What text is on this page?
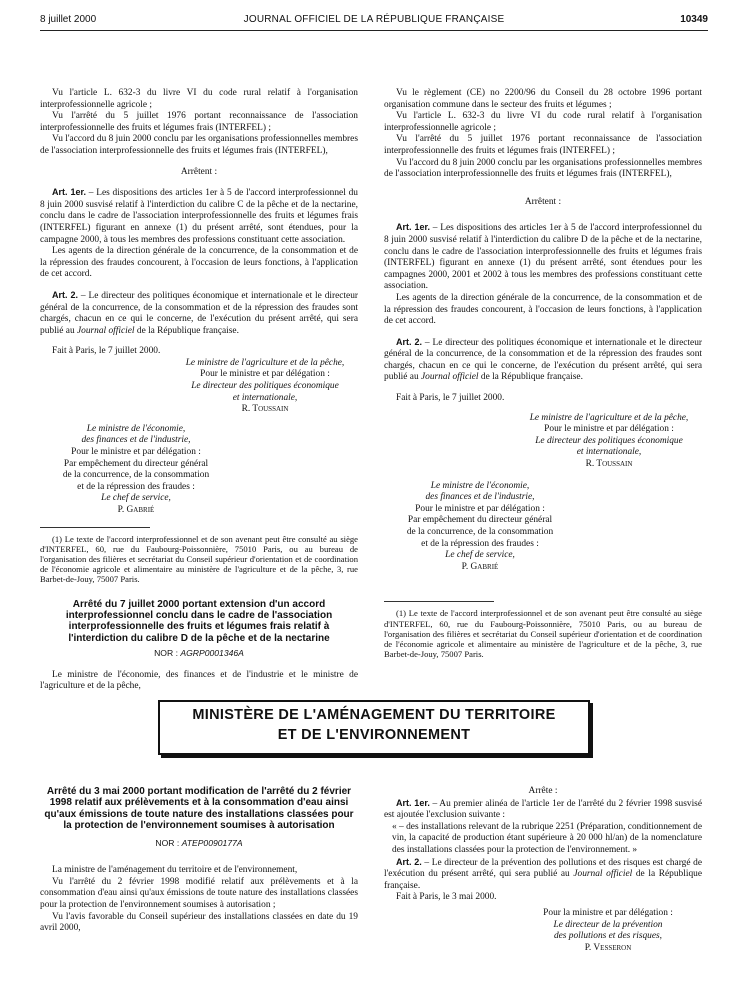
8 juillet 2000	JOURNAL OFFICIEL DE LA RÉPUBLIQUE FRANÇAISE	10349

Vu l'article L. 632-3 du livre VI du code rural relatif à l'organisation interprofessionnelle agricole ;

Vu l'arrêté du 5 juillet 1976 portant reconnaissance de l'association interprofessionnelle des fruits et légumes frais (INTERFEL) ;

Vu l'accord du 8 juin 2000 conclu par les organisations professionnelles membres de l'association interprofessionnelle des fruits et légumes frais (INTERFEL),

Arrêtent :

Art. 1er. – Les dispositions des articles 1er à 5 de l'accord interprofessionnel du 8 juin 2000 susvisé relatif à l'interdiction du calibre C de la pêche et de la nectarine, conclu dans le cadre de l'association interprofessionnelle des fruits et légumes frais (INTERFEL) figurant en annexe (1) du présent arrêté, sont étendues, pour la campagne 2000, à tous les membres des professions constituant cette association.

Les agents de la direction générale de la concurrence, de la consommation et de la répression des fraudes concourent, à l'occasion de leurs fonctions, à l'application de cet accord.

Art. 2. – Le directeur des politiques économique et internationale et le directeur général de la concurrence, de la consommation et de la répression des fraudes sont chargés, chacun en ce qui le concerne, de l'exécution du présent arrêté, qui sera publié au Journal officiel de la République française.

Fait à Paris, le 7 juillet 2000.

Le ministre de l'agriculture et de la pêche,

Pour le ministre et par délégation :

Le directeur des politiques économique

et internationale,

R. Toussain

Le ministre de l'économie,

des finances et de l'industrie,

Pour le ministre et par délégation :

Par empêchement du directeur général

de la concurrence, de la consommation

et de la répression des fraudes :

Le chef de service,

P. Gabrié

(1) Le texte de l'accord interprofessionnel et de son avenant peut être consulté au siège d'INTERFEL, 60, rue du Faubourg-Poissonnière, 75010 Paris, ou au bureau de l'organisation des filières et secrétariat du Conseil supérieur d'orientation et de coordination de l'économie agricole et alimentaire au ministère de l'agriculture et de la pêche, 3, rue Barbet-de-Jouy, 75007 Paris.

Arrêté du 7 juillet 2000 portant extension d'un accord interprofessionnel conclu dans le cadre de l'association interprofessionnelle des fruits et légumes frais relatif à l'interdiction du calibre D de la pêche et de la nectarine
NOR : AGRP0001346A

Le ministre de l'économie, des finances et de l'industrie et le ministre de l'agriculture et de la pêche,

Vu le règlement (CE) no 2200/96 du Conseil du 28 octobre 1996 portant organisation commune dans le secteur des fruits et légumes ;

Vu l'article L. 632-3 du livre VI du code rural relatif à l'organisation interprofessionnelle agricole ;

Vu l'arrêté du 5 juillet 1976 portant reconnaissance de l'association interprofessionnelle des fruits et légumes frais (INTERFEL) ;

Vu l'accord du 8 juin 2000 conclu par les organisations professionnelles membres de l'association interprofessionnelle des fruits et légumes frais (INTERFEL),

Arrêtent :

Art. 1er. – Les dispositions des articles 1er à 5 de l'accord interprofessionnel du 8 juin 2000 susvisé relatif à l'interdiction du calibre D de la pêche et de la nectarine, conclu dans le cadre de l'association interprofessionnelle des fruits et légumes frais (INTERFEL) figurant en annexe (1) du présent arrêté, sont étendues pour les campagnes 2000, 2001 et 2002 à tous les membres des professions constituant cette association.

Les agents de la direction générale de la concurrence, de la consommation et de la répression des fraudes concourent, à l'occasion de leurs fonctions, à l'application de cet accord.

Art. 2. – Le directeur des politiques économique et internationale et le directeur général de la concurrence, de la consommation et de la répression des fraudes sont chargés, chacun en ce qui le concerne, de l'exécution du présent arrêté, qui sera publié au Journal officiel de la République française.

Fait à Paris, le 7 juillet 2000.

Le ministre de l'agriculture et de la pêche,

Pour le ministre et par délégation :

Le directeur des politiques économique

et internationale,

R. Toussain

Le ministre de l'économie,

des finances et de l'industrie,

Pour le ministre et par délégation :

Par empêchement du directeur général

de la concurrence, de la consommation

et de la répression des fraudes :

Le chef de service,

P. Gabrié

(1) Le texte de l'accord interprofessionnel et de son avenant peut être consulté au siège d'INTERFEL, 60, rue du Faubourg-Poissonnière, 75010 Paris, ou au bureau de l'organisation des filières et secrétariat du Conseil supérieur d'orientation et de coordination de l'économie agricole et alimentaire au ministère de l'agriculture et de la pêche, 3, rue Barbet-de-Jouy, 75007 Paris.

MINISTÈRE DE L'AMÉNAGEMENT DU TERRITOIRE
ET DE L'ENVIRONNEMENT
Arrêté du 3 mai 2000 portant modification de l'arrêté du 2 février 1998 relatif aux prélèvements et à la consommation d'eau ainsi qu'aux émissions de toute nature des installations classées pour la protection de l'environnement soumises à autorisation
NOR : ATEP0090177A

La ministre de l'aménagement du territoire et de l'environnement,

Vu l'arrêté du 2 février 1998 modifié relatif aux prélèvements et à la consommation d'eau ainsi qu'aux émissions de toute nature des installations classées pour la protection de l'environnement soumises à autorisation ;

Vu l'avis favorable du Conseil supérieur des installations classées en date du 19 avril 2000,

Arrête :

Art. 1er. – Au premier alinéa de l'article 1er de l'arrêté du 2 février 1998 susvisé est ajoutée l'exclusion suivante :

« – des installations relevant de la rubrique 2251 (Préparation, conditionnement de vin, la capacité de production étant supérieure à 20 000 hl/an) de la nomenclature des installations classées pour la protection de l'environnement. »

Art. 2. – Le directeur de la prévention des pollutions et des risques est chargé de l'exécution du présent arrêté, qui sera publié au Journal officiel de la République française.

Fait à Paris, le 3 mai 2000.

Pour la ministre et par délégation :

Le directeur de la prévention

des pollutions et des risques,

P. Vesseron
